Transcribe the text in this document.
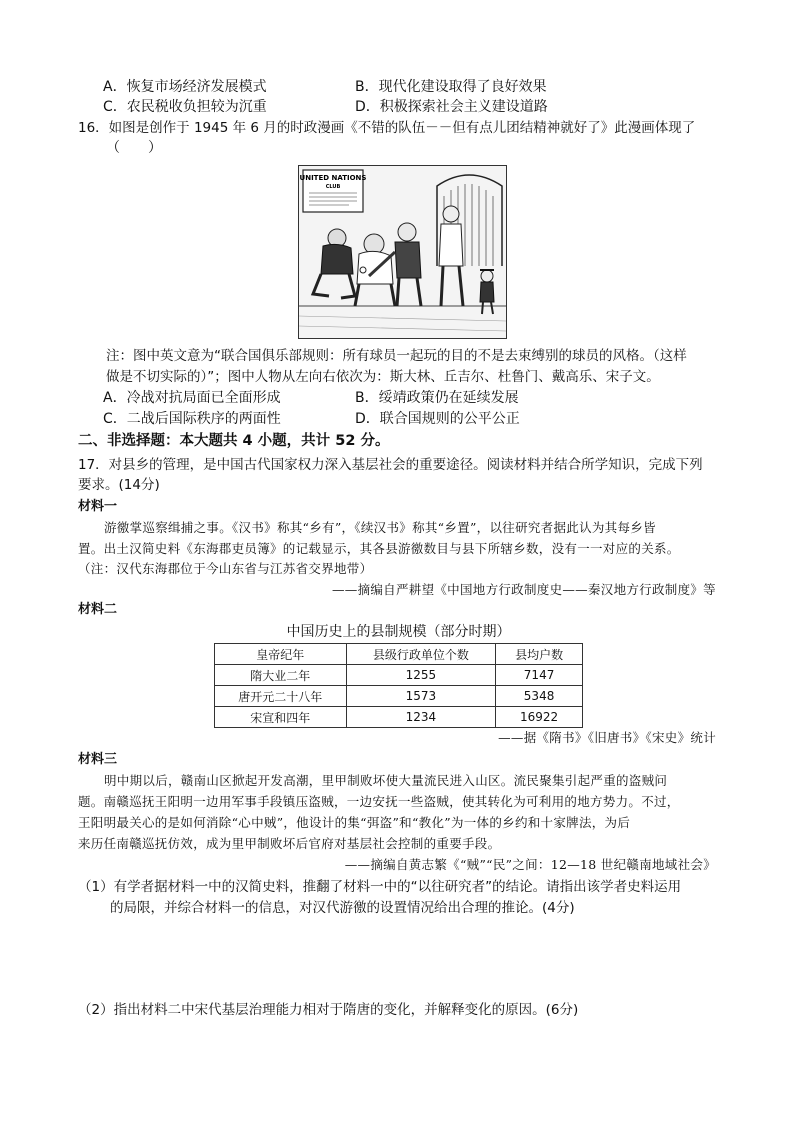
A．恢复市场经济发展模式	B．现代化建设取得了良好效果
C．农民税收负担较为沉重	D．积极探索社会主义建设道路
16．如图是创作于 1945 年 6 月的时政漫画《不错的队伍－－但有点儿团结精神就好了》此漫画体现了
（　　）
UNITED NATIONS
CLUB
注：图中英文意为“联合国俱乐部规则：所有球员一起玩的目的不是去束缚别的球员的风格。（这样
做是不切实际的）”；图中人物从左向右依次为：斯大林、丘吉尔、杜鲁门、戴高乐、宋子文。
A．冷战对抗局面已全面形成	B．绥靖政策仍在延续发展
C．二战后国际秩序的两面性	D．联合国规则的公平公正
二、非选择题：本大题共 4 小题，共计 52 分。
17．对县乡的管理，是中国古代国家权力深入基层社会的重要途径。阅读材料并结合所学知识，完成下列
要求。(14分)
材料一
游徼掌巡察缉捕之事。《汉书》称其“乡有”，《续汉书》称其“乡置”，以往研究者据此认为其每乡皆
置。出土汉简史料《东海郡吏员簿》的记载显示，其各县游徼数目与县下所辖乡数，没有一一对应的关系。
（注：汉代东海郡位于今山东省与江苏省交界地带）
——摘编自严耕望《中国地方行政制度史——秦汉地方行政制度》等
材料二
中国历史上的县制规模（部分时期）
皇帝纪年	县级行政单位个数	县均户数
隋大业二年	1255	7147
唐开元二十八年	1573	5348
宋宣和四年	1234	16922
——据《隋书》《旧唐书》《宋史》统计
材料三
明中期以后，赣南山区掀起开发高潮，里甲制败坏使大量流民进入山区。流民聚集引起严重的盗贼问
题。南赣巡抚王阳明一边用军事手段镇压盗贼，一边安抚一些盗贼，使其转化为可利用的地方势力。不过，
王阳明最关心的是如何消除“心中贼”，他设计的集“弭盗”和“教化”为一体的乡约和十家牌法，为后
来历任南赣巡抚仿效，成为里甲制败坏后官府对基层社会控制的重要手段。
——摘编自黄志繁《“贼”“民”之间：12—18 世纪赣南地域社会》
（1）有学者据材料一中的汉简史料，推翻了材料一中的“以往研究者”的结论。请指出该学者史料运用
的局限，并综合材料一的信息，对汉代游徼的设置情况给出合理的推论。(4分)
（2）指出材料二中宋代基层治理能力相对于隋唐的变化，并解释变化的原因。(6分)
